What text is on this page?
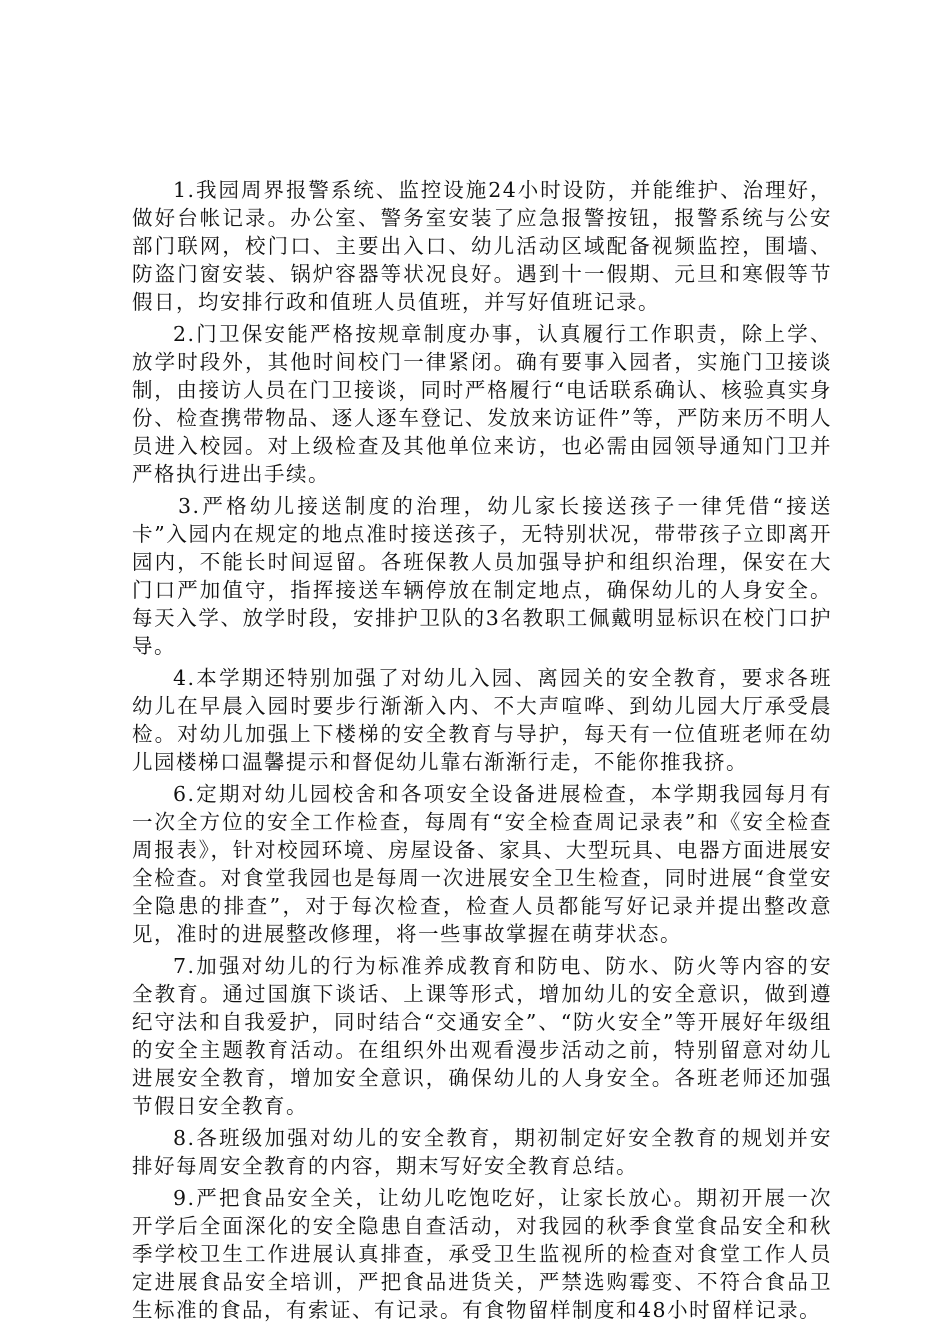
1.我园周界报警系统、监控设施24小时设防，并能维护、治理好，做好台帐记录。办公室、警务室安装了应急报警按钮，报警系统与公安部门联网，校门口、主要出入口、幼儿活动区域配备视频监控，围墙、防盗门窗安装、锅炉容器等状况良好。遇到十一假期、元旦和寒假等节假日，均安排行政和值班人员值班，并写好值班记录。

2.门卫保安能严格按规章制度办事，认真履行工作职责，除上学、放学时段外，其他时间校门一律紧闭。确有要事入园者，实施门卫接谈制，由接访人员在门卫接谈，同时严格履行“电话联系确认、核验真实身份、检查携带物品、逐人逐车登记、发放来访证件”等，严防来历不明人员进入校园。对上级检查及其他单位来访，也必需由园领导通知门卫并严格执行进出手续。

3.严格幼儿接送制度的治理，幼儿家长接送孩子一律凭借“接送卡”入园内在规定的地点准时接送孩子，无特别状况，带带孩子立即离开园内，不能长时间逗留。各班保教人员加强导护和组织治理，保安在大门口严加值守，指挥接送车辆停放在制定地点，确保幼儿的人身安全。每天入学、放学时段，安排护卫队的3名教职工佩戴明显标识在校门口护导。

4.本学期还特别加强了对幼儿入园、离园关的安全教育，要求各班幼儿在早晨入园时要步行渐渐入内、不大声喧哗、到幼儿园大厅承受晨检。对幼儿加强上下楼梯的安全教育与导护，每天有一位值班老师在幼儿园楼梯口温馨提示和督促幼儿靠右渐渐行走，不能你推我挤。

6.定期对幼儿园校舍和各项安全设备进展检查，本学期我园每月有一次全方位的安全工作检查，每周有“安全检查周记录表”和《安全检查周报表》，针对校园环境、房屋设备、家具、大型玩具、电器方面进展安全检查。对食堂我园也是每周一次进展安全卫生检查，同时进展“食堂安全隐患的排查”，对于每次检查，检查人员都能写好记录并提出整改意见，准时的进展整改修理，将一些事故掌握在萌芽状态。

7.加强对幼儿的行为标准养成教育和防电、防水、防火等内容的安全教育。通过国旗下谈话、上课等形式，增加幼儿的安全意识，做到遵纪守法和自我爱护，同时结合“交通安全”、“防火安全”等开展好年级组的安全主题教育活动。在组织外出观看漫步活动之前，特别留意对幼儿进展安全教育，增加安全意识，确保幼儿的人身安全。各班老师还加强节假日安全教育。

8.各班级加强对幼儿的安全教育，期初制定好安全教育的规划并安排好每周安全教育的内容，期末写好安全教育总结。

9.严把食品安全关，让幼儿吃饱吃好，让家长放心。期初开展一次开学后全面深化的安全隐患自查活动，对我园的秋季食堂食品安全和秋季学校卫生工作进展认真排查，承受卫生监视所的检查对食堂工作人员定进展食品安全培训，严把食品进货关，严禁选购霉变、不符合食品卫生标准的食品，有索证、有记录。有食物留样制度和48小时留样记录。
